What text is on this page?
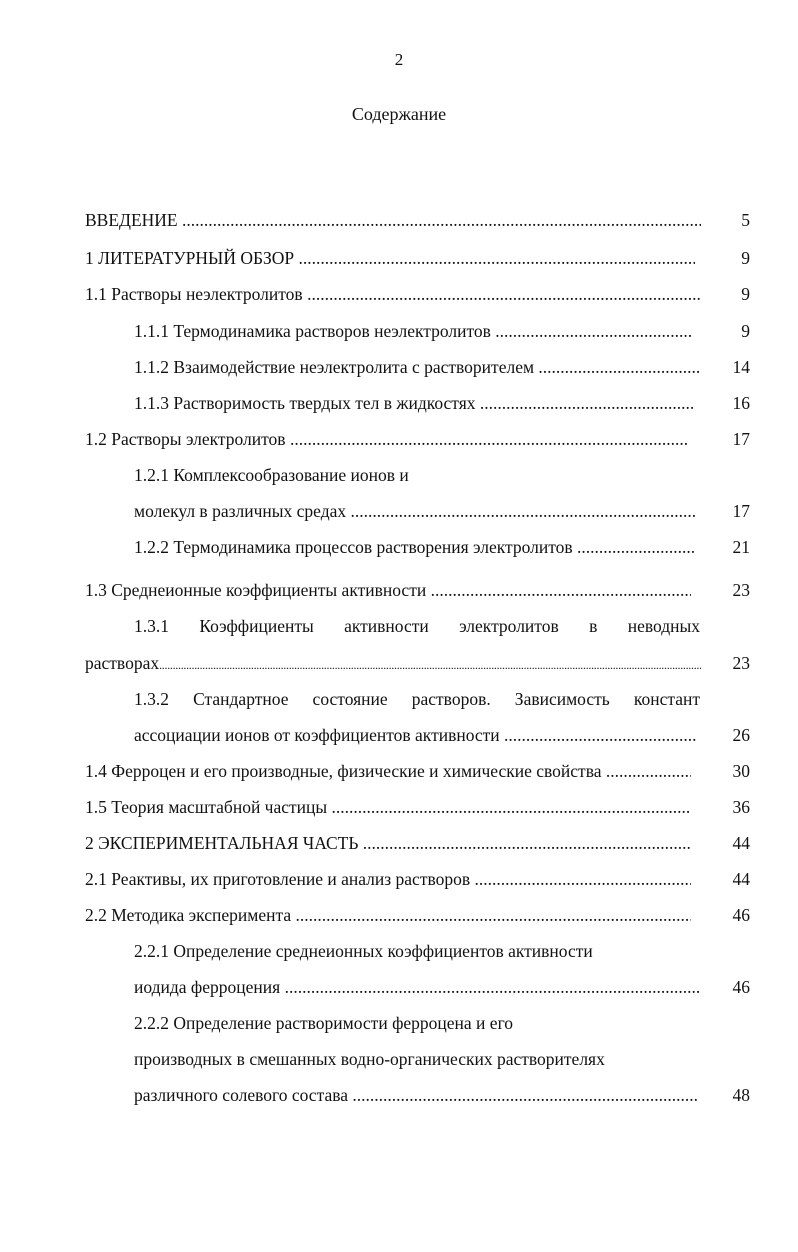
2
Содержание
ВВЕДЕНИЕ .....	5
1 ЛИТЕРАТУРНЫЙ ОБЗОР .....	9
1.1 Растворы неэлектролитов .....	9
1.1.1 Термодинамика растворов неэлектролитов .....	9
1.1.2 Взаимодействие неэлектролита с растворителем .....	14
1.1.3 Растворимость твердых тел в жидкостях .....	16
1.2 Растворы электролитов .....	17
1.2.1 Комплексообразование ионов и
молекул в различных средах .....	17
1.2.2 Термодинамика процессов растворения электролитов .....	21
1.3 Среднеионные коэффициенты активности .....	23
1.3.1 Коэффициенты активности электролитов в неводных
растворах .....	23
1.3.2 Стандартное состояние растворов. Зависимость констант
ассоциации ионов от коэффициентов активности .....	26
1.4 Ферроцен и его производные, физические и химические свойства .....	30
1.5 Теория масштабной частицы .....	36
2 ЭКСПЕРИМЕНТАЛЬНАЯ ЧАСТЬ .....	44
2.1 Реактивы, их приготовление и анализ растворов .....	44
2.2 Методика эксперимента .....	46
2.2.1 Определение среднеионных коэффициентов активности
иодида ферроцения .....	46
2.2.2 Определение растворимости ферроцена и его
производных в смешанных водно-органических растворителях
различного солевого состава .....	48
